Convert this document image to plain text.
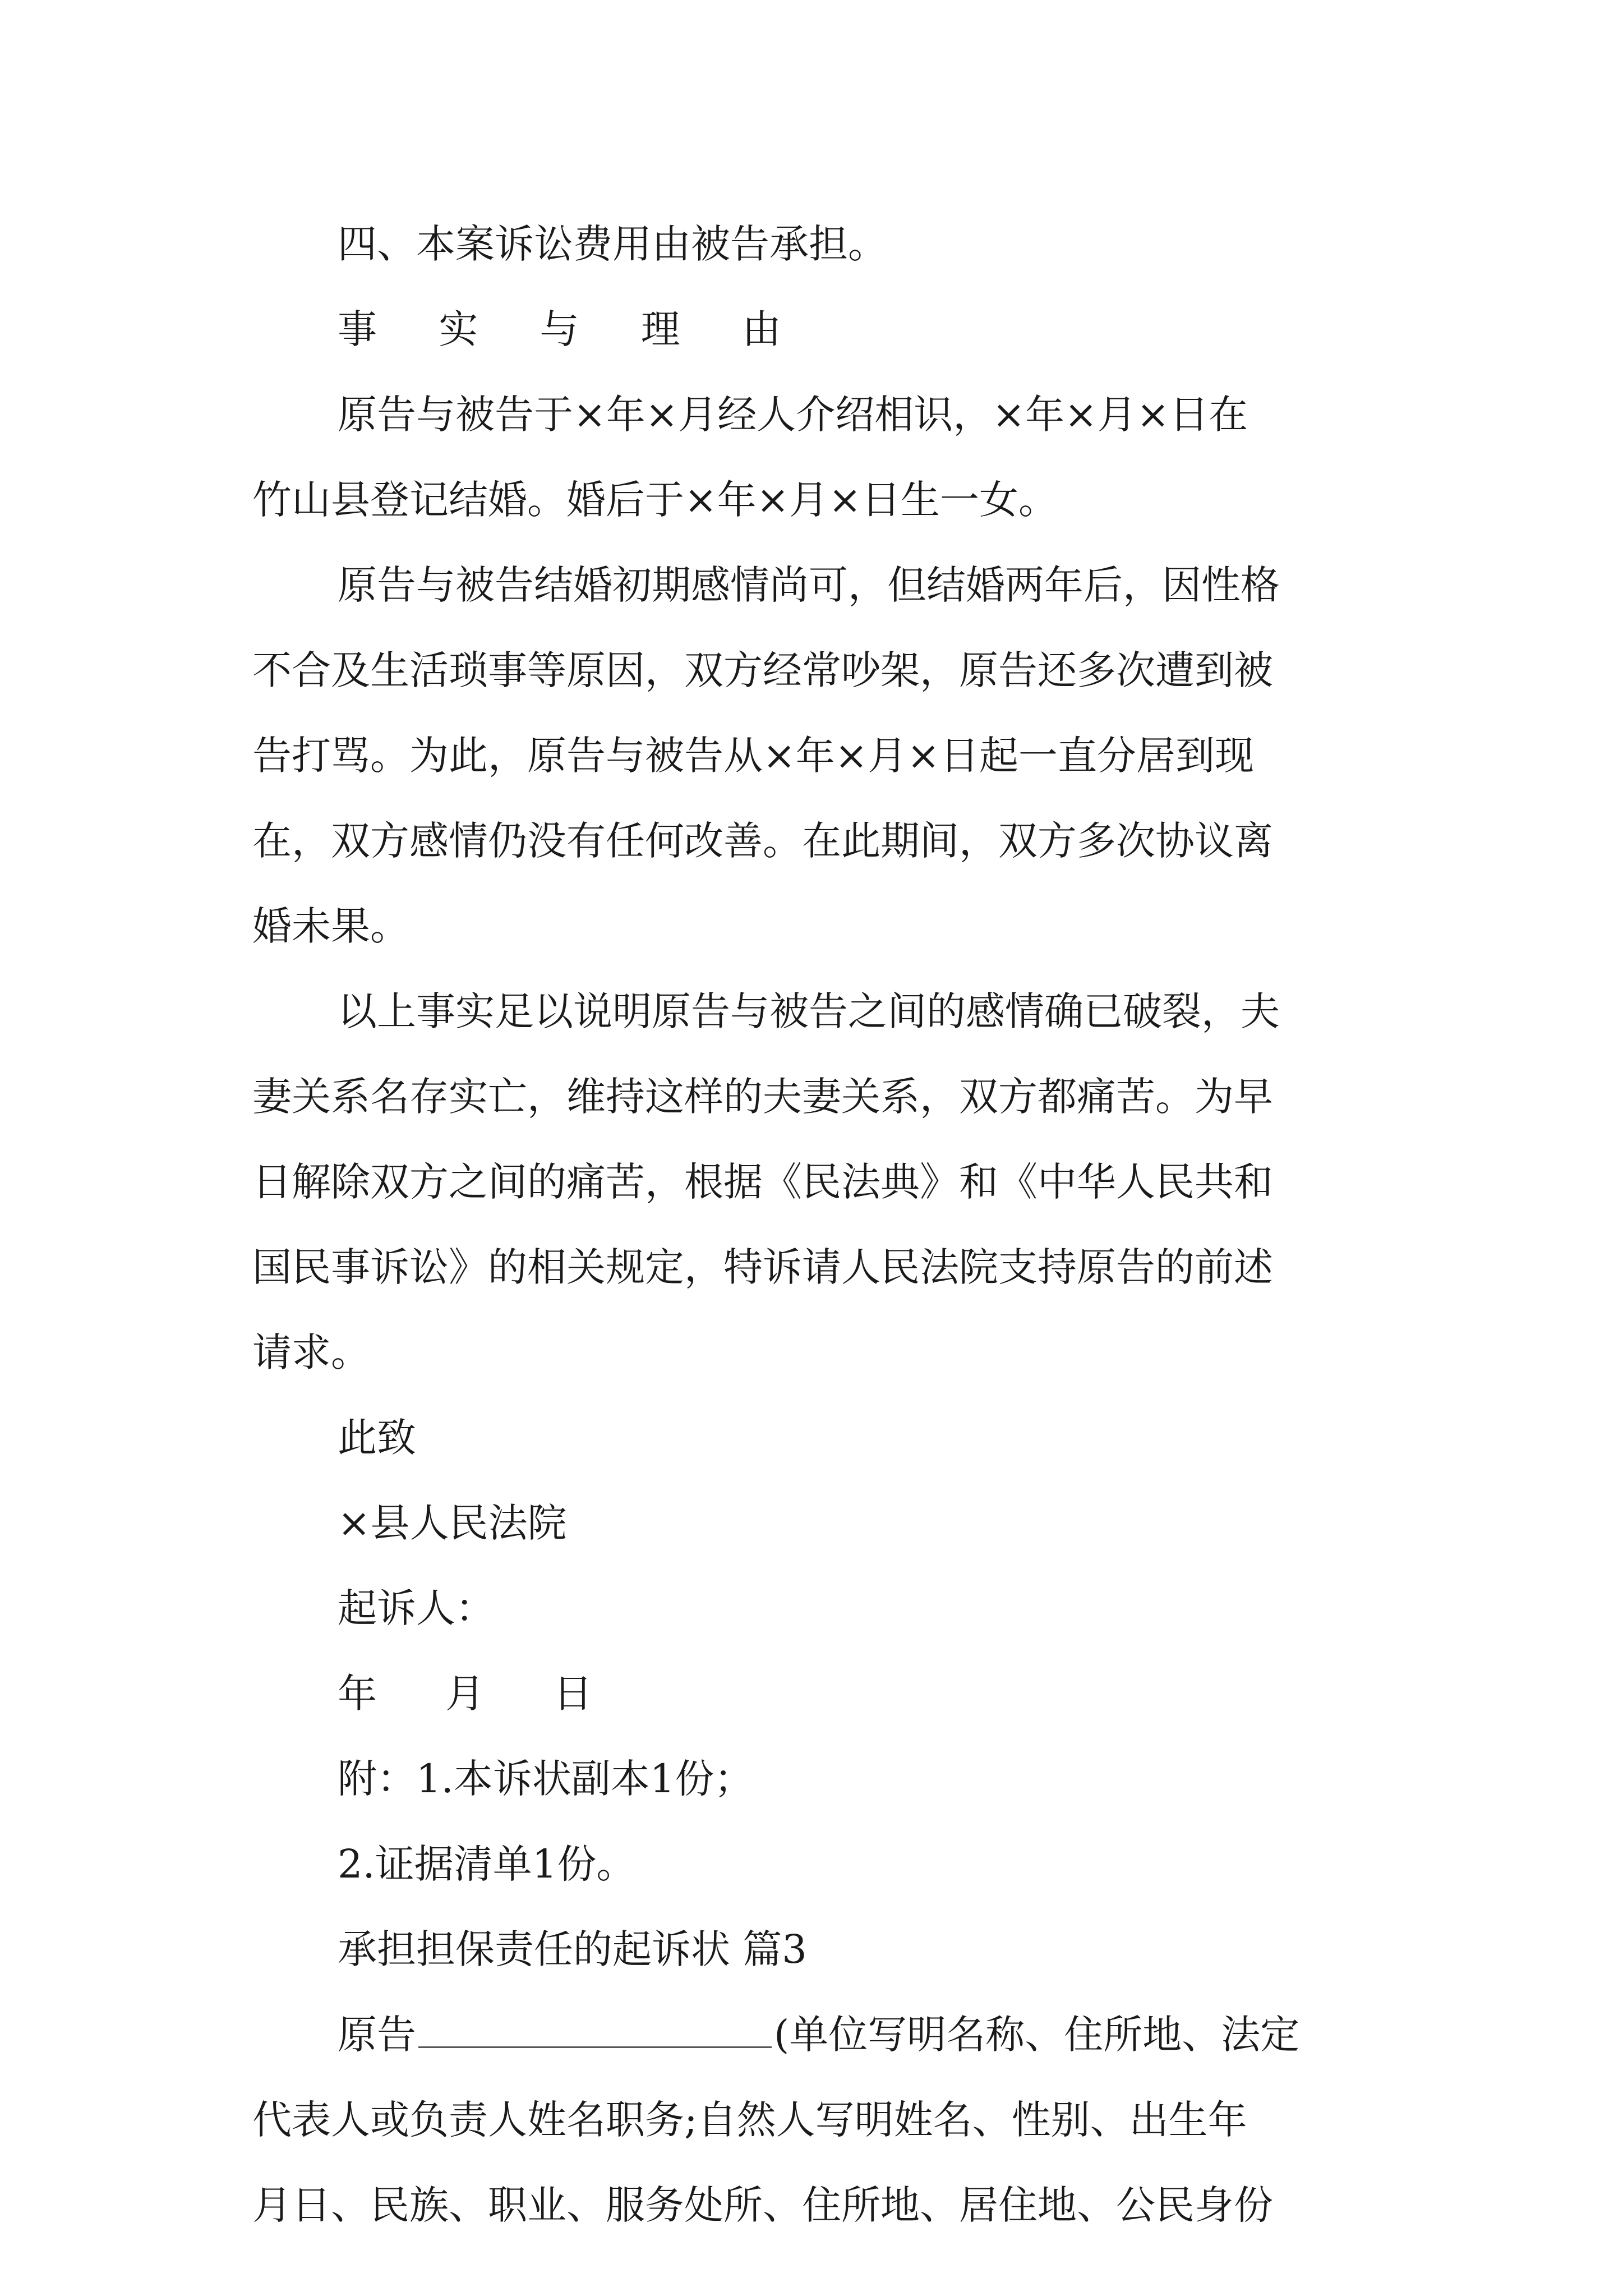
四、本案诉讼费用由被告承担。
事 实 与 理 由
原告与被告于×年×月经人介绍相识，×年×月×日在
竹山县登记结婚。婚后于×年×月×日生一女。
原告与被告结婚初期感情尚可，但结婚两年后，因性格
不合及生活琐事等原因，双方经常吵架，原告还多次遭到被
告打骂。为此，原告与被告从×年×月×日起一直分居到现
在，双方感情仍没有任何改善。在此期间，双方多次协议离
婚未果。
以上事实足以说明原告与被告之间的感情确已破裂，夫
妻关系名存实亡，维持这样的夫妻关系，双方都痛苦。为早
日解除双方之间的痛苦，根据《民法典》和《中华人民共和
国民事诉讼》的相关规定，特诉请人民法院支持原告的前述
请求。
此致
×县人民法院
起诉人：
年 月 日
附：1.本诉状副本1份；
2.证据清单1份。
承担担保责任的起诉状 篇3
原告	(单位写明名称、住所地、法定
代表人或负责人姓名职务;自然人写明姓名、性别、出生年
月日、民族、职业、服务处所、住所地、居住地、公民身份
